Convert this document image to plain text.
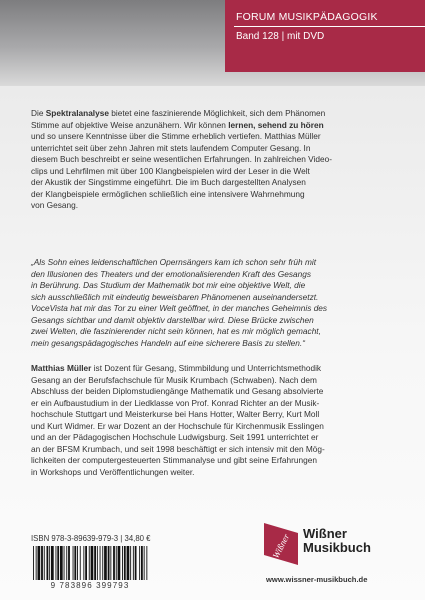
FORUM MUSIKPÄDAGOGIK
Band 128 | mit DVD
Die Spektralanalyse bietet eine faszinierende Möglichkeit, sich dem Phänomen
Stimme auf objektive Weise anzunähern. Wir können lernen, sehend zu hören
und so unsere Kenntnisse über die Stimme erheblich vertiefen. Matthias Müller
unterrichtet seit über zehn Jahren mit stets laufendem Computer Gesang. In
diesem Buch beschreibt er seine wesentlichen Erfahrungen. In zahlreichen Video-
clips und Lehrfilmen mit über 100 Klangbeispielen wird der Leser in die Welt
der Akustik der Singstimme eingeführt. Die im Buch dargestellten Analysen
der Klangbeispiele ermöglichen schließlich eine intensivere Wahrnehmung
von Gesang.
„Als Sohn eines leidenschaftlichen Opernsängers kam ich schon sehr früh mit
den Illusionen des Theaters und der emotionalisierenden Kraft des Gesangs
in Berührung. Das Studium der Mathematik bot mir eine objektive Welt, die
sich ausschließlich mit eindeutig beweisbaren Phänomenen auseinandersetzt.
VoceVista hat mir das Tor zu einer Welt geöffnet, in der manches Geheimnis des
Gesangs sichtbar und damit objektiv darstellbar wird. Diese Brücke zwischen
zwei Welten, die faszinierender nicht sein können, hat es mir möglich gemacht,
mein gesangspädagogisches Handeln auf eine sicherere Basis zu stellen.“
Matthias Müller ist Dozent für Gesang, Stimmbildung und Unterrichtsmethodik
Gesang an der Berufsfachschule für Musik Krumbach (Schwaben). Nach dem
Abschluss der beiden Diplomstudiengänge Mathematik und Gesang absolvierte
er ein Aufbaustudium in der Liedklasse von Prof. Konrad Richter an der Musik-
hochschule Stuttgart und Meisterkurse bei Hans Hotter, Walter Berry, Kurt Moll
und Kurt Widmer. Er war Dozent an der Hochschule für Kirchenmusik Esslingen
und an der Pädagogischen Hochschule Ludwigsburg. Seit 1991 unterrichtet er
an der BFSM Krumbach, und seit 1998 beschäftigt er sich intensiv mit den Mög-
lichkeiten der computergesteuerten Stimmanalyse und gibt seine Erfahrungen
in Workshops und Veröffentlichungen weiter.
ISBN 978-3-89639-979-3 | 34,80 €
9 783896 399793
Wißner Wißner
Musikbuch
www.wissner-musikbuch.de
